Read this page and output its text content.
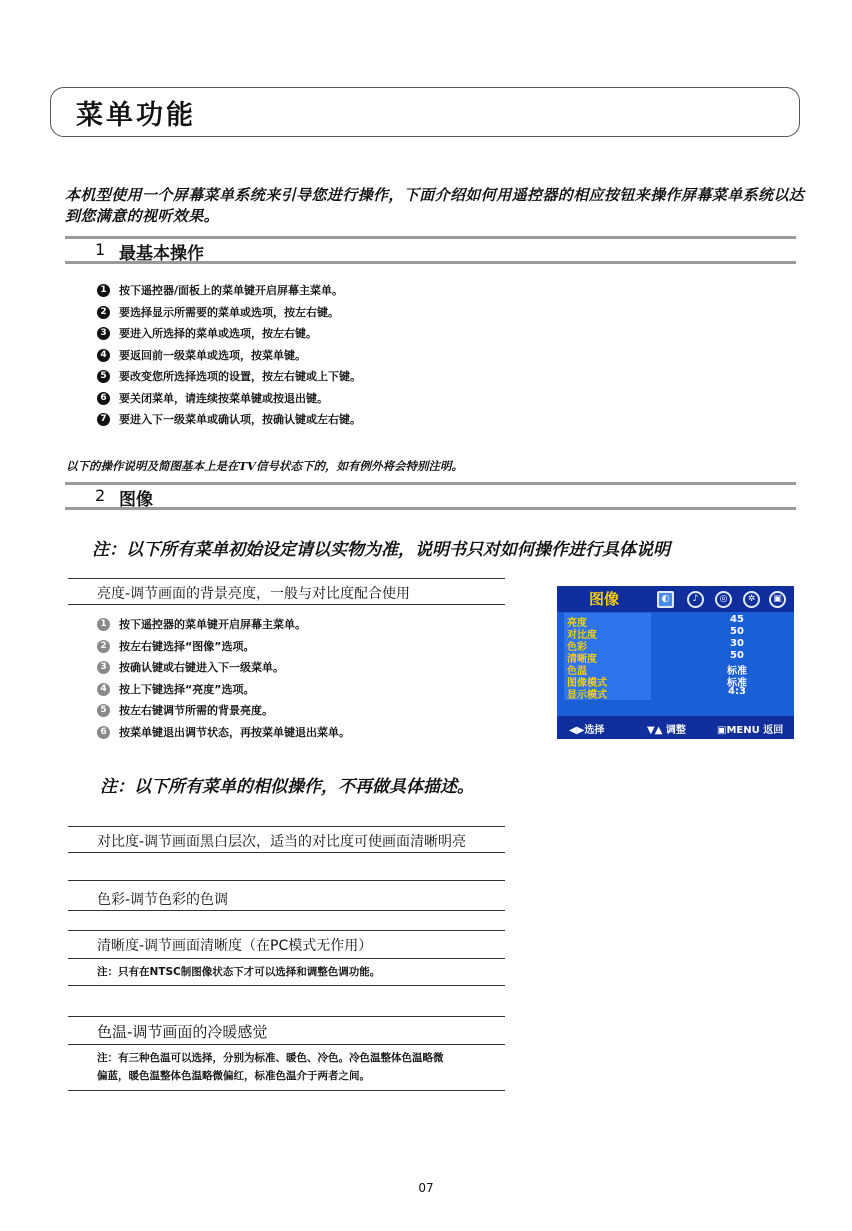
菜单功能
本机型使用一个屏幕菜单系统来引导您进行操作，下面介绍如何用遥控器的相应按钮来操作屏幕菜单系统以达到您满意的视听效果。
1 最基本操作
1	按下遥控器/面板上的菜单键开启屏幕主菜单。
2	要选择显示所需要的菜单或选项，按左右键。
3	要进入所选择的菜单或选项，按左右键。
4	要返回前一级菜单或选项，按菜单键。
5	要改变您所选择选项的设置，按左右键或上下键。
6	要关闭菜单，请连续按菜单键或按退出键。
7	要进入下一级菜单或确认项，按确认键或左右键。
以下的操作说明及简图基本上是在TV信号状态下的，如有例外将会特别注明。
2 图像
注：以下所有菜单初始设定请以实物为准，说明书只对如何操作进行具体说明
亮度-调节画面的背景亮度，一般与对比度配合使用
1	按下遥控器的菜单键开启屏幕主菜单。
2	按左右键选择“图像”选项。
3	按确认键或右键进入下一级菜单。
4	按上下键选择“亮度”选项。
5	按左右键调节所需的背景亮度。
6	按菜单键退出调节状态，再按菜单键退出菜单。
图像	◐	♪	◎	✲	▣
亮度	45
对比度	50
色彩	30
清晰度	50
色温	标准
图像模式	标准
显示模式	4:3
◀▶选择	▼▲ 调整	▣MENU 返回
注：以下所有菜单的相似操作，不再做具体描述。
对比度-调节画面黑白层次，适当的对比度可使画面清晰明亮
色彩-调节色彩的色调
清晰度-调节画面清晰度（在PC模式无作用）
注：只有在NTSC制图像状态下才可以选择和调整色调功能。
色温-调节画面的冷暖感觉
注：有三种色温可以选择，分别为标准、暖色、冷色。冷色温整体色温略微
偏蓝，暖色温整体色温略微偏红，标准色温介于两者之间。
07
